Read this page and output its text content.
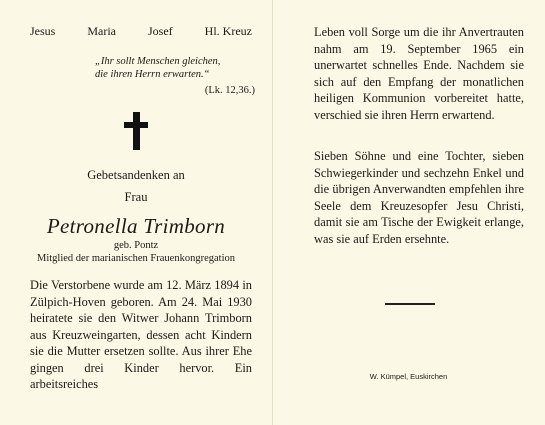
Jesus	Maria	Josef	Hl. Kreuz
„Ihr sollt Menschen gleichen,
die ihren Herrn erwarten.“
(Lk. 12,36.)
Gebetsandenken an
Frau
Petronella Trimborn
geb. Pontz
Mitglied der marianischen Frauenkongregation

Die Verstorbene wurde am 12. März 1894 in Zülpich-Hoven geboren. Am 24. Mai 1930 heiratete sie den Witwer Johann Trimborn aus Kreuzweingarten, dessen acht Kindern sie die Mutter ersetzen sollte. Aus ihrer Ehe gingen drei Kinder hervor. Ein arbeitsreiches

Leben voll Sorge um die ihr Anvertrauten nahm am 19. September 1965 ein unerwartet schnelles Ende. Nachdem sie sich auf den Empfang der monatlichen heiligen Kommunion vorbereitet hatte, verschied sie ihren Herrn erwartend.

Sieben Söhne und eine Tochter, sieben Schwiegerkinder und sechzehn Enkel und die übrigen Anverwandten empfehlen ihre Seele dem Kreuzesopfer Jesu Christi, damit sie am Tische der Ewigkeit erlange, was sie auf Erden ersehnte.

W. Kümpel, Euskirchen
